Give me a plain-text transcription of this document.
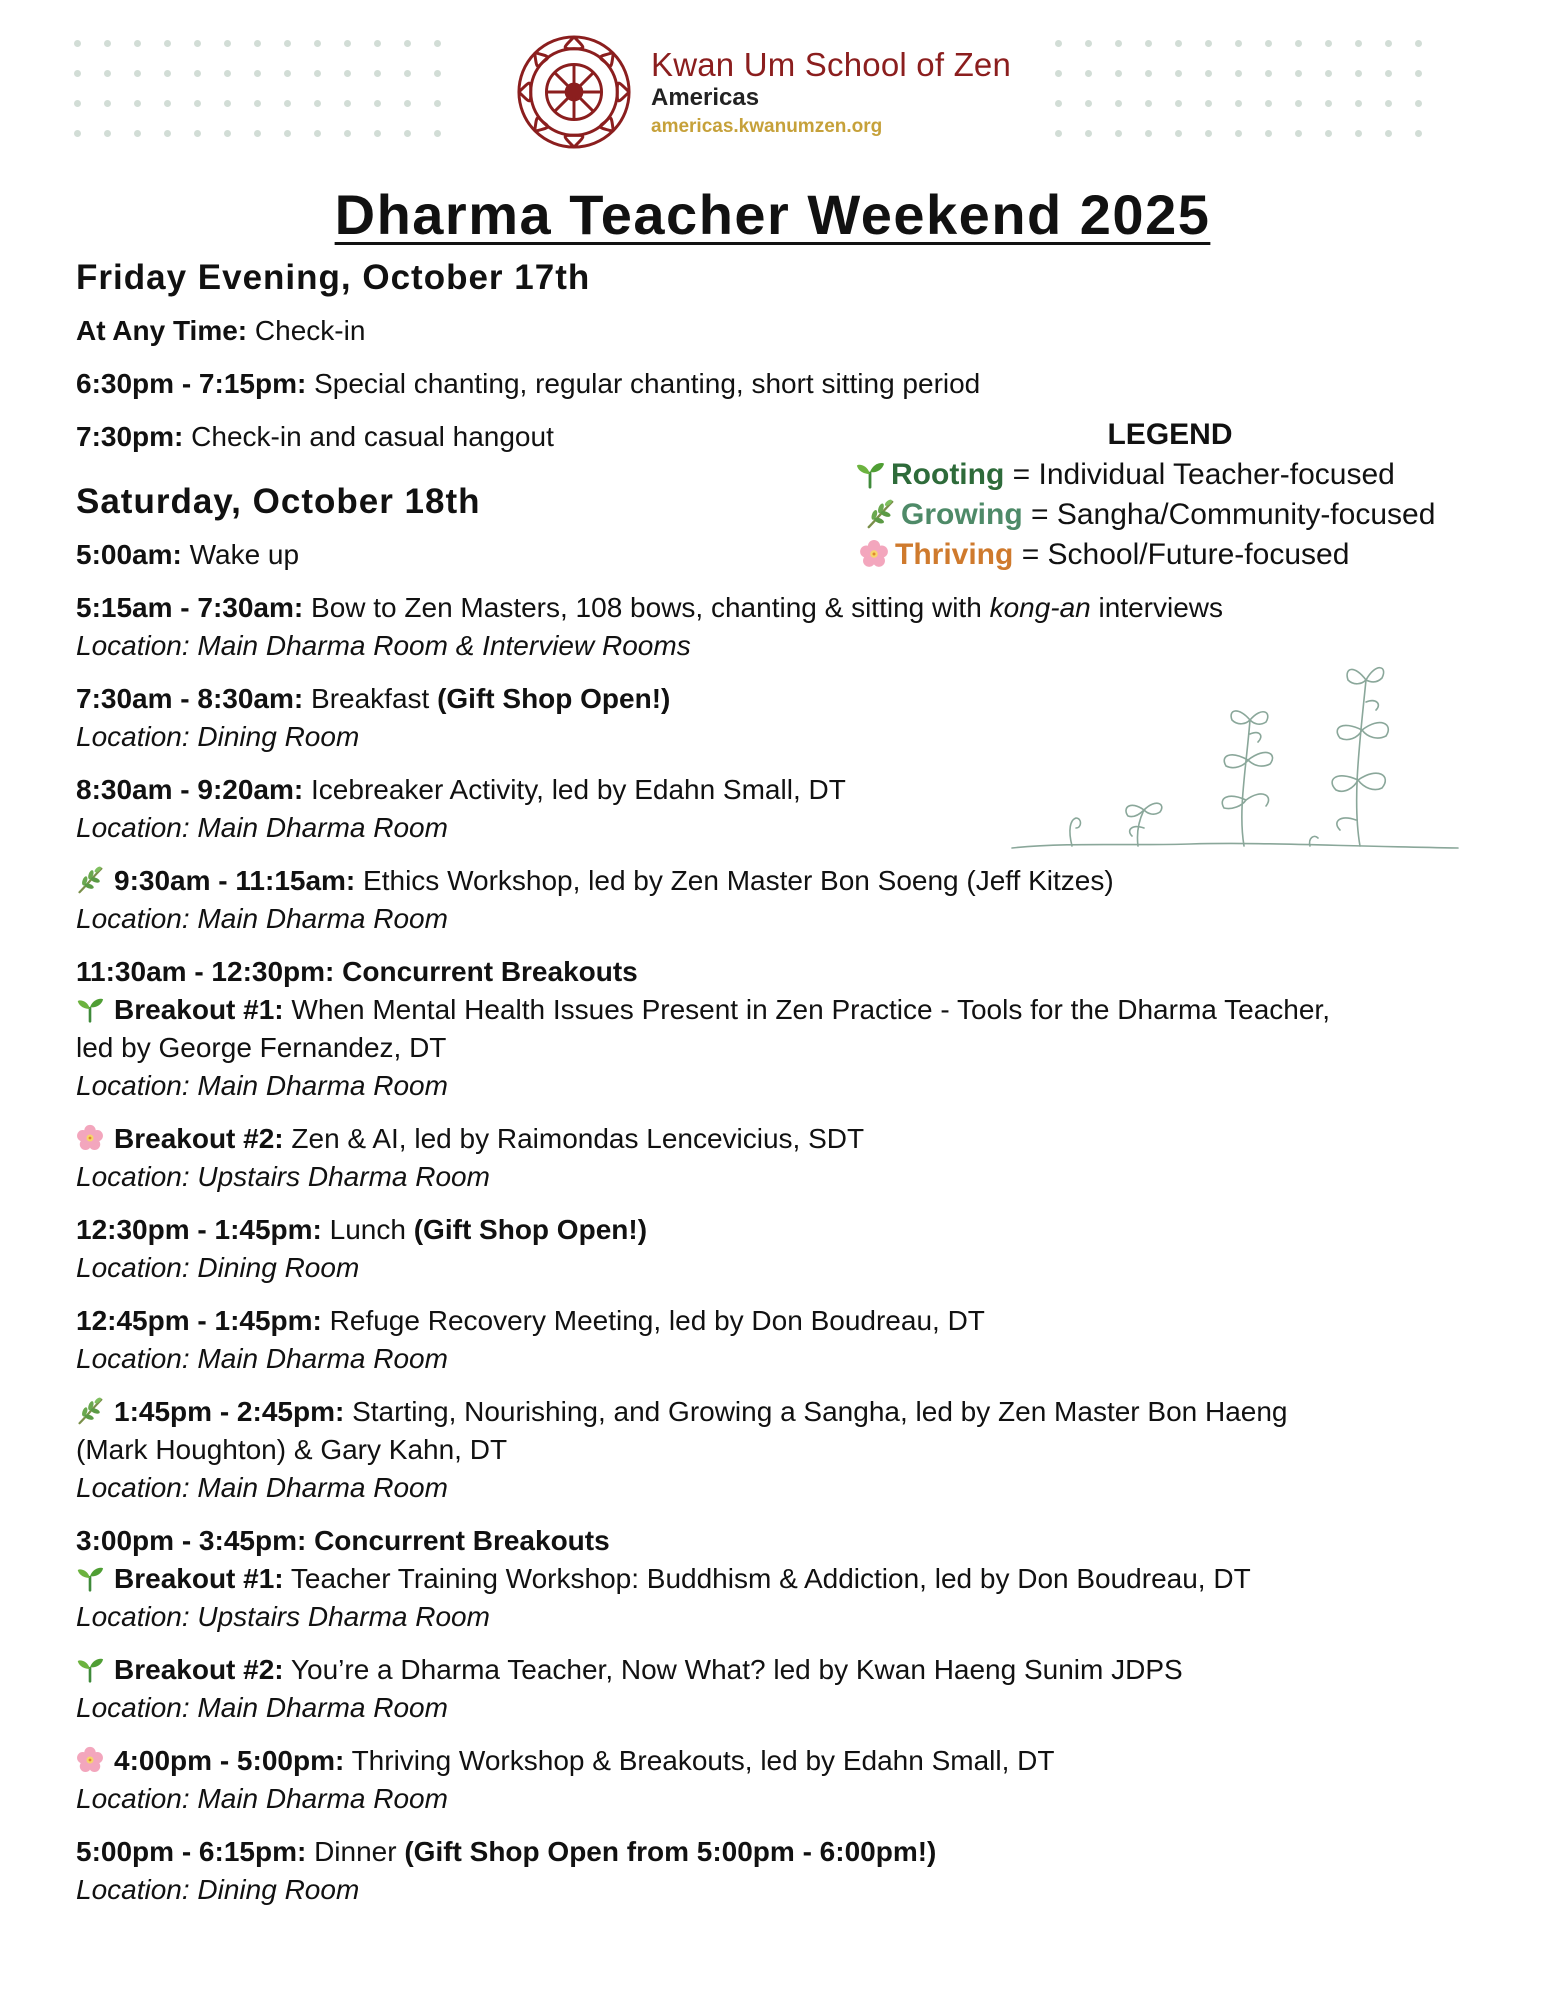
Kwan Um School of Zen
Americas
americas.kwanumzen.org
Dharma Teacher Weekend 2025
LEGEND
Rooting = Individual Teacher-focused
Growing = Sangha/Community-focused
Thriving = School/Future-focused
Friday Evening, October 17th
At Any Time: Check-in
6:30pm - 7:15pm: Special chanting, regular chanting, short sitting period
7:30pm: Check-in and casual hangout
Saturday, October 18th
5:00am: Wake up
5:15am - 7:30am: Bow to Zen Masters, 108 bows, chanting & sitting with kong-an interviews
Location: Main Dharma Room & Interview Rooms
7:30am - 8:30am: Breakfast (Gift Shop Open!)
Location: Dining Room
8:30am - 9:20am: Icebreaker Activity, led by Edahn Small, DT
Location: Main Dharma Room
9:30am - 11:15am: Ethics Workshop, led by Zen Master Bon Soeng (Jeff Kitzes)
Location: Main Dharma Room
11:30am - 12:30pm: Concurrent Breakouts
Breakout #1: When Mental Health Issues Present in Zen Practice - Tools for the Dharma Teacher,
led by George Fernandez, DT
Location: Main Dharma Room
Breakout #2: Zen & AI, led by Raimondas Lencevicius, SDT
Location: Upstairs Dharma Room
12:30pm - 1:45pm: Lunch (Gift Shop Open!)
Location: Dining Room
12:45pm - 1:45pm: Refuge Recovery Meeting, led by Don Boudreau, DT
Location: Main Dharma Room
1:45pm - 2:45pm: Starting, Nourishing, and Growing a Sangha, led by Zen Master Bon Haeng
(Mark Houghton) & Gary Kahn, DT
Location: Main Dharma Room
3:00pm - 3:45pm: Concurrent Breakouts
Breakout #1: Teacher Training Workshop: Buddhism & Addiction, led by Don Boudreau, DT
Location: Upstairs Dharma Room
Breakout #2: You’re a Dharma Teacher, Now What? led by Kwan Haeng Sunim JDPS
Location: Main Dharma Room
4:00pm - 5:00pm: Thriving Workshop & Breakouts, led by Edahn Small, DT
Location: Main Dharma Room
5:00pm - 6:15pm: Dinner (Gift Shop Open from 5:00pm - 6:00pm!)
Location: Dining Room
